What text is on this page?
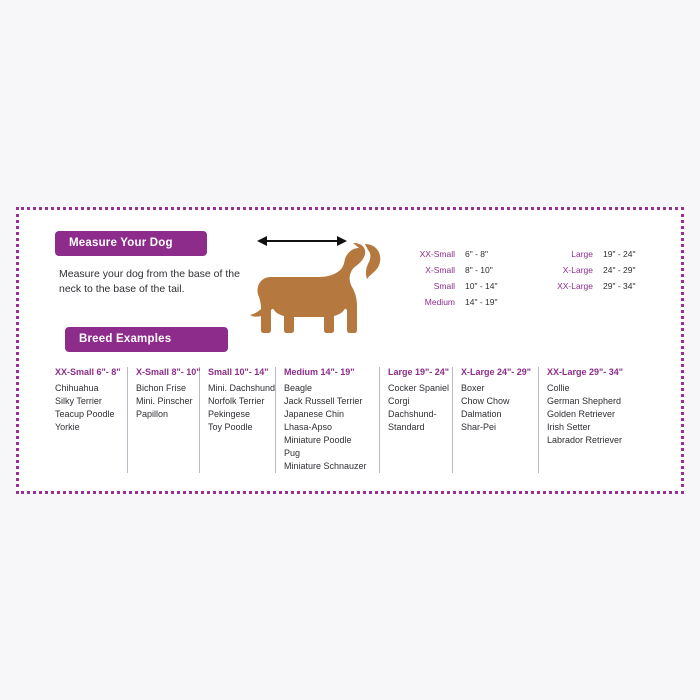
Measure Your Dog
Measure your dog from the base of the neck to the base of the tail.
Breed Examples
XX-Small	6" - 8"
X-Small	8" - 10"
Small	10" - 14"
Medium	14" - 19"
Large	19" - 24"
X-Large	24" - 29"
XX-Large	29" - 34"
XX-Small 6"- 8"
Chihuahua
Silky Terrier
Teacup Poodle
Yorkie
X-Small 8"- 10"
Bichon Frise
Mini. Pinscher
Papillon
Small 10"- 14"
Mini. Dachshund
Norfolk Terrier
Pekingese
Toy Poodle
Medium 14"- 19"
Beagle
Jack Russell Terrier
Japanese Chin
Lhasa-Apso
Miniature Poodle
Pug
Miniature Schnauzer
Large 19"- 24"
Cocker Spaniel
Corgi
Dachshund-
Standard
X-Large 24"- 29"
Boxer
Chow Chow
Dalmation
Shar-Pei
XX-Large 29"- 34"
Collie
German Shepherd
Golden Retriever
Irish Setter
Labrador Retriever
